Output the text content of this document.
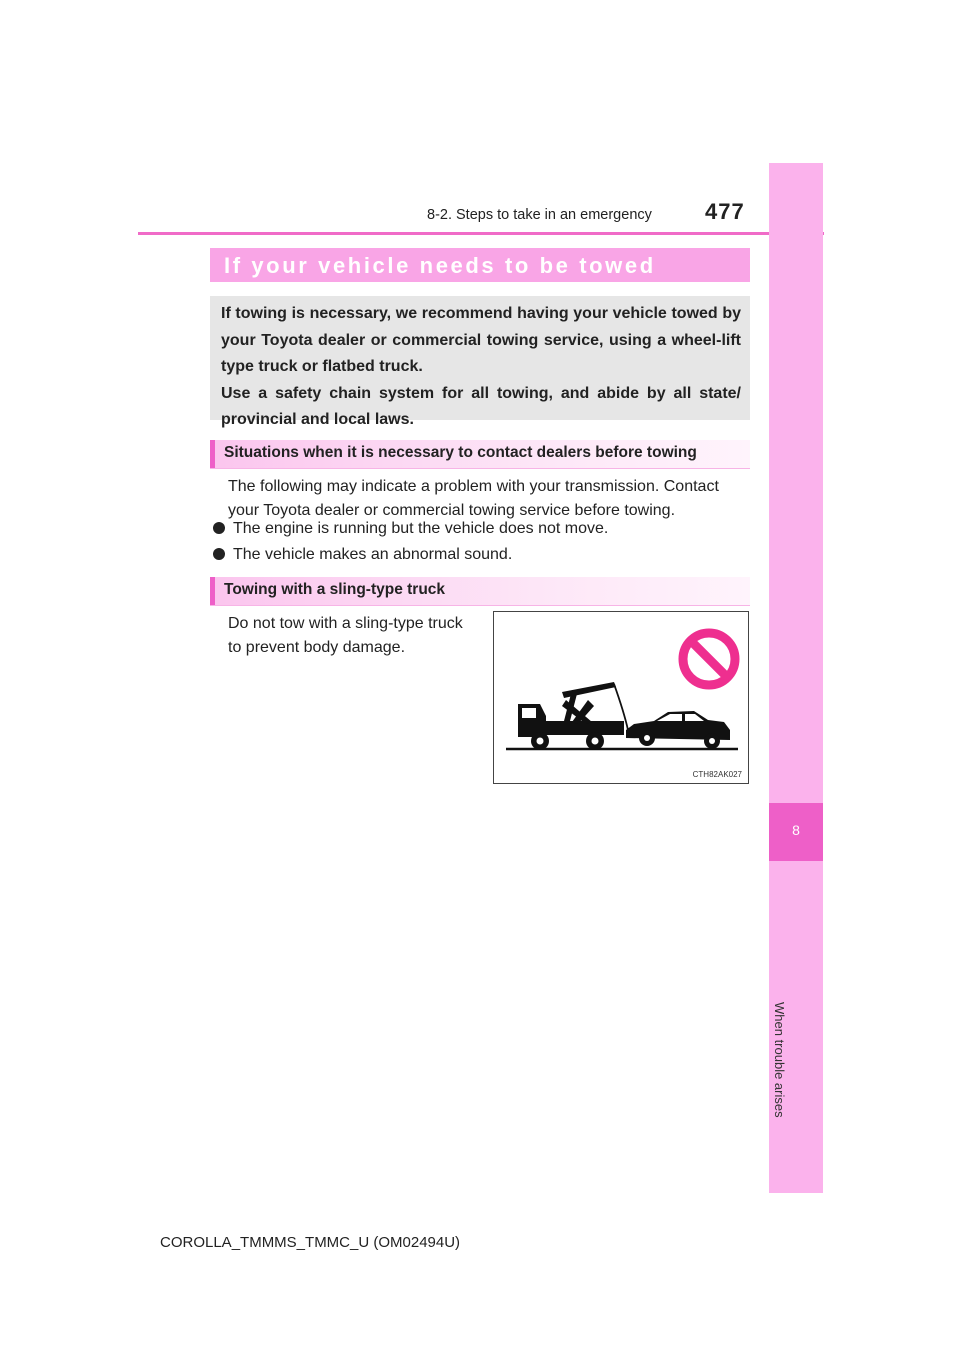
8-2. Steps to take in an emergency 477
8
If your vehicle needs to be towed

If towing is necessary, we recommend having your vehicle towed by your Toyota dealer or commercial towing service, using a wheel-lift type truck or flatbed truck.

Use a safety chain system for all towing, and abide by all state/ provincial and local laws.

Situations when it is necessary to contact dealers before towing
The following may indicate a problem with your transmission. Contact
your Toyota dealer or commercial towing service before towing.
The engine is running but the vehicle does not move.
The vehicle makes an abnormal sound.
Towing with a sling-type truck
Do not tow with a sling-type truck
to prevent body damage.
CTH82AK027
COROLLA_TMMMS_TMMC_U (OM02494U)
